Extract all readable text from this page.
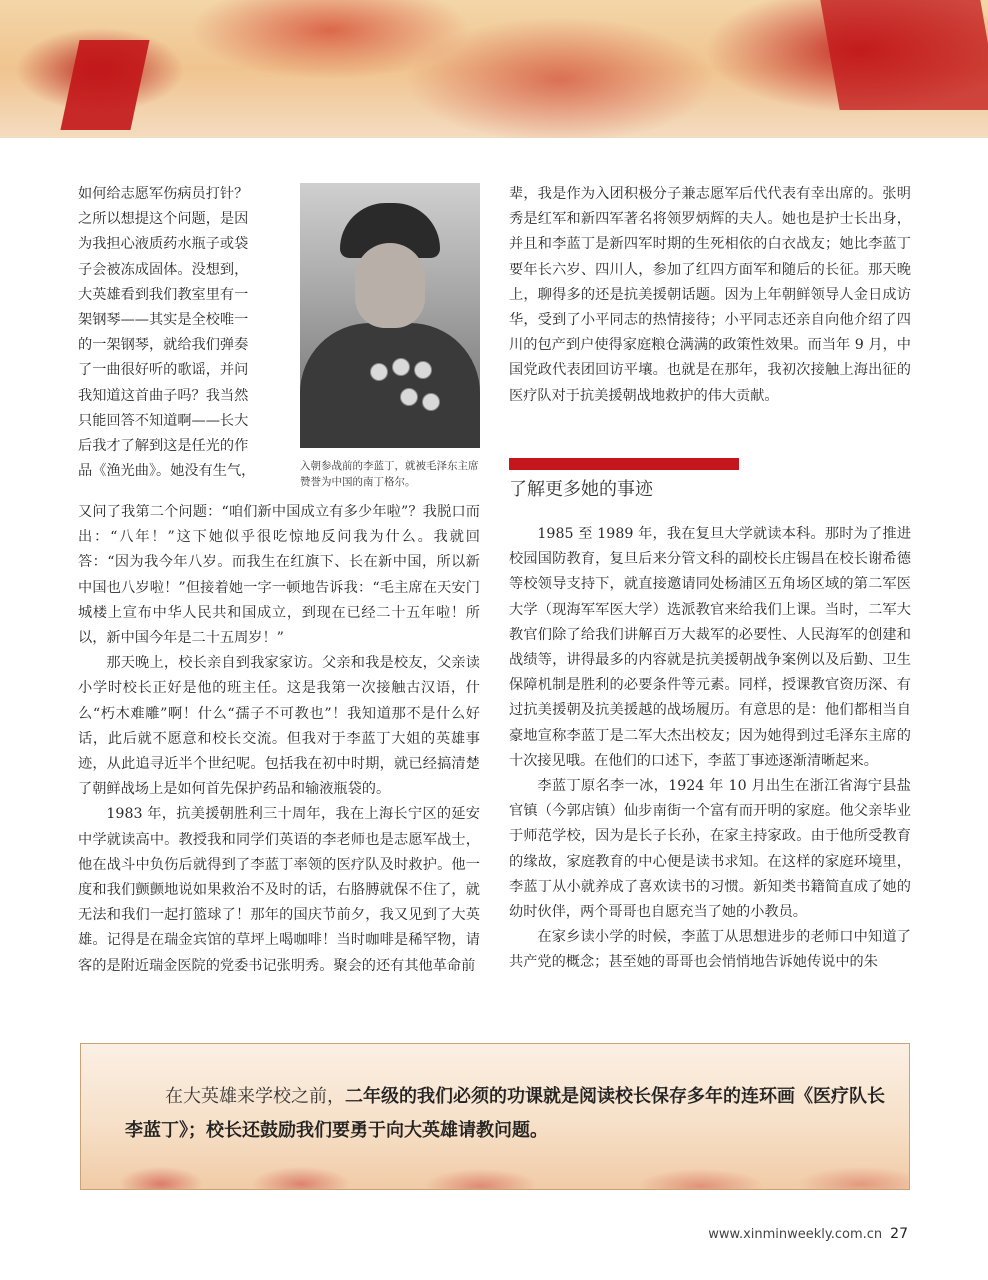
如何给志愿军伤病员打针？

之所以想提这个问题，是因

为我担心液质药水瓶子或袋

子会被冻成固体。没想到，

大英雄看到我们教室里有一

架钢琴——其实是全校唯一

的一架钢琴，就给我们弹奏

了一曲很好听的歌谣，并问

我知道这首曲子吗？我当然

只能回答不知道啊——长大

后我才了解到这是任光的作

品《渔光曲》。她没有生气，	入朝参战前的李蓝丁，就被毛泽东主席赞誉为中国的南丁格尔。

又问了我第二个问题：“咱们新中国成立有多少年啦”？我脱口而出：“八年！”这下她似乎很吃惊地反问我为什么。我就回答：“因为我今年八岁。而我生在红旗下、长在新中国，所以新中国也八岁啦！”但接着她一字一顿地告诉我：“毛主席在天安门城楼上宣布中华人民共和国成立，到现在已经二十五年啦！所以，新中国今年是二十五周岁！”

那天晚上，校长亲自到我家家访。父亲和我是校友，父亲读小学时校长正好是他的班主任。这是我第一次接触古汉语，什么“朽木难雕”啊！什么“孺子不可教也”！我知道那不是什么好话，此后就不愿意和校长交流。但我对于李蓝丁大姐的英雄事迹，从此追寻近半个世纪呢。包括我在初中时期，就已经搞清楚了朝鲜战场上是如何首先保护药品和输液瓶袋的。

1983 年，抗美援朝胜利三十周年，我在上海长宁区的延安中学就读高中。教授我和同学们英语的李老师也是志愿军战士，他在战斗中负伤后就得到了李蓝丁率领的医疗队及时救护。他一度和我们颤颤地说如果救治不及时的话，右胳膊就保不住了，就无法和我们一起打篮球了！那年的国庆节前夕，我又见到了大英雄。记得是在瑞金宾馆的草坪上喝咖啡！当时咖啡是稀罕物，请客的是附近瑞金医院的党委书记张明秀。聚会的还有其他革命前

辈，我是作为入团积极分子兼志愿军后代代表有幸出席的。张明秀是红军和新四军著名将领罗炳辉的夫人。她也是护士长出身，并且和李蓝丁是新四军时期的生死相依的白衣战友；她比李蓝丁要年长六岁、四川人，参加了红四方面军和随后的长征。那天晚上，聊得多的还是抗美援朝话题。因为上年朝鲜领导人金日成访华，受到了小平同志的热情接待；小平同志还亲自向他介绍了四川的包产到户使得家庭粮仓满满的政策性效果。而当年 9 月，中国党政代表团回访平壤。也就是在那年，我初次接触上海出征的医疗队对于抗美援朝战地救护的伟大贡献。

了解更多她的事迹

1985 至 1989 年，我在复旦大学就读本科。那时为了推进校园国防教育，复旦后来分管文科的副校长庄锡昌在校长谢希德等校领导支持下，就直接邀请同处杨浦区五角场区域的第二军医大学（现海军军医大学）选派教官来给我们上课。当时，二军大教官们除了给我们讲解百万大裁军的必要性、人民海军的创建和战绩等，讲得最多的内容就是抗美援朝战争案例以及后勤、卫生保障机制是胜利的必要条件等元素。同样，授课教官资历深、有过抗美援朝及抗美援越的战场履历。有意思的是：他们都相当自豪地宣称李蓝丁是二军大杰出校友；因为她得到过毛泽东主席的十次接见哦。在他们的口述下，李蓝丁事迹逐渐清晰起来。

李蓝丁原名李一冰，1924 年 10 月出生在浙江省海宁县盐官镇（今郭店镇）仙步南街一个富有而开明的家庭。他父亲毕业于师范学校，因为是长子长孙，在家主持家政。由于他所受教育的缘故，家庭教育的中心便是读书求知。在这样的家庭环境里，李蓝丁从小就养成了喜欢读书的习惯。新知类书籍简直成了她的幼时伙伴，两个哥哥也自愿充当了她的小教员。

在家乡读小学的时候，李蓝丁从思想进步的老师口中知道了共产党的概念；甚至她的哥哥也会悄悄地告诉她传说中的朱

在大英雄来学校之前，二年级的我们必须的功课就是阅读校长保存多年的连环画《医疗队长李蓝丁》；校长还鼓励我们要勇于向大英雄请教问题。
www.xinminweekly.com.cn 27
